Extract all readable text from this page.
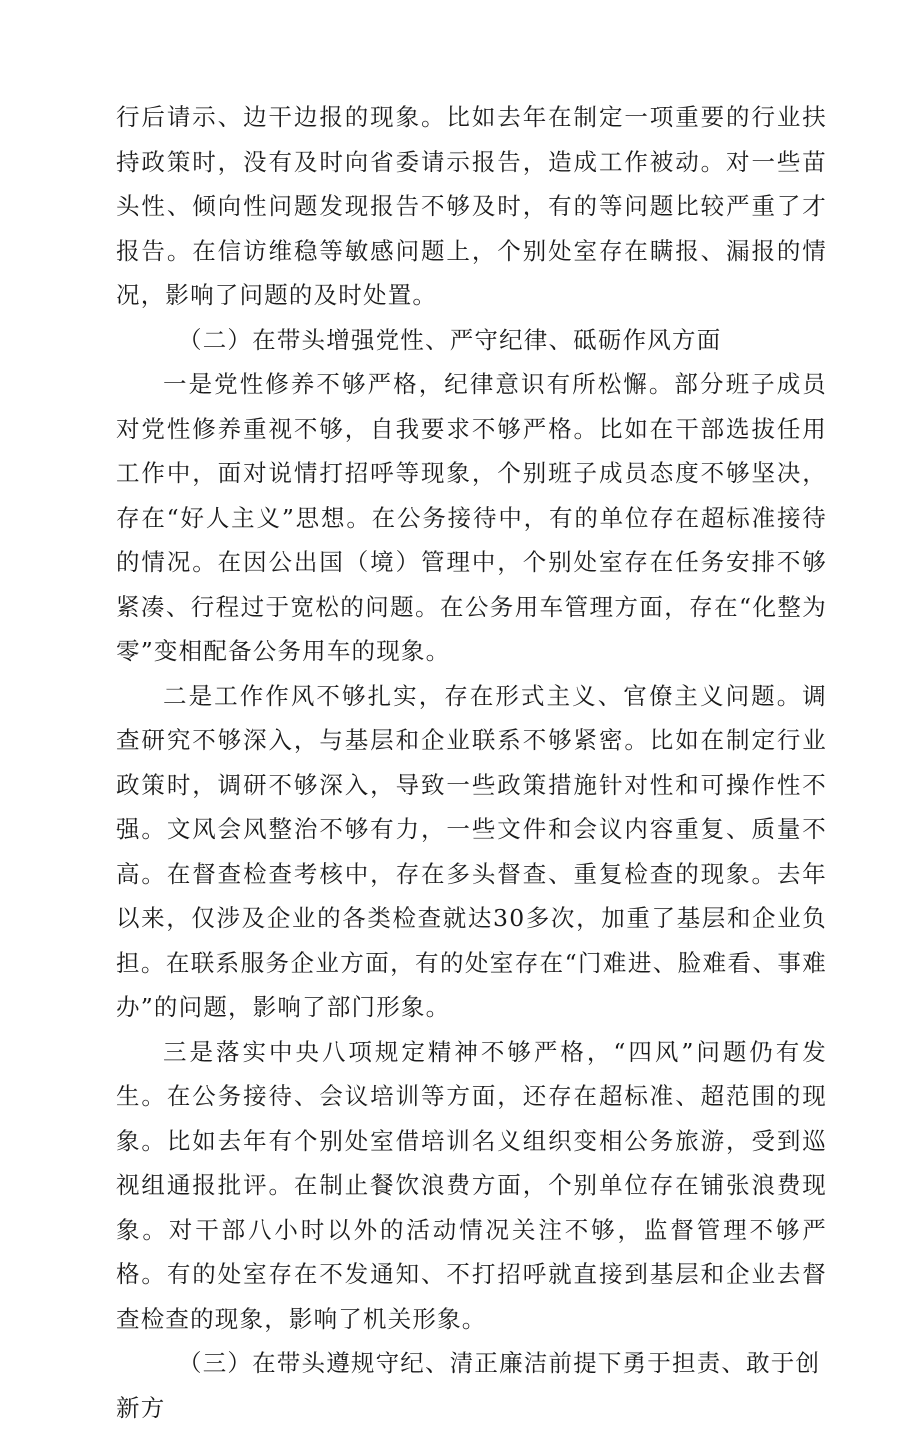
行后请示、边干边报的现象。比如去年在制定一项重要的行业扶持政策时，没有及时向省委请示报告，造成工作被动。对一些苗头性、倾向性问题发现报告不够及时，有的等问题比较严重了才报告。在信访维稳等敏感问题上，个别处室存在瞒报、漏报的情况，影响了问题的及时处置。

（二）在带头增强党性、严守纪律、砥砺作风方面

一是党性修养不够严格，纪律意识有所松懈。部分班子成员对党性修养重视不够，自我要求不够严格。比如在干部选拔任用工作中，面对说情打招呼等现象，个别班子成员态度不够坚决，存在“好人主义”思想。在公务接待中，有的单位存在超标准接待的情况。在因公出国（境）管理中，个别处室存在任务安排不够紧凑、行程过于宽松的问题。在公务用车管理方面，存在“化整为零”变相配备公务用车的现象。

二是工作作风不够扎实，存在形式主义、官僚主义问题。调查研究不够深入，与基层和企业联系不够紧密。比如在制定行业政策时，调研不够深入，导致一些政策措施针对性和可操作性不强。文风会风整治不够有力，一些文件和会议内容重复、质量不高。在督查检查考核中，存在多头督查、重复检查的现象。去年以来，仅涉及企业的各类检查就达30多次，加重了基层和企业负担。在联系服务企业方面，有的处室存在“门难进、脸难看、事难办”的问题，影响了部门形象。

三是落实中央八项规定精神不够严格，“四风”问题仍有发生。在公务接待、会议培训等方面，还存在超标准、超范围的现象。比如去年有个别处室借培训名义组织变相公务旅游，受到巡视组通报批评。在制止餐饮浪费方面，个别单位存在铺张浪费现象。对干部八小时以外的活动情况关注不够，监督管理不够严格。有的处室存在不发通知、不打招呼就直接到基层和企业去督查检查的现象，影响了机关形象。

（三）在带头遵规守纪、清正廉洁前提下勇于担责、敢于创新方
